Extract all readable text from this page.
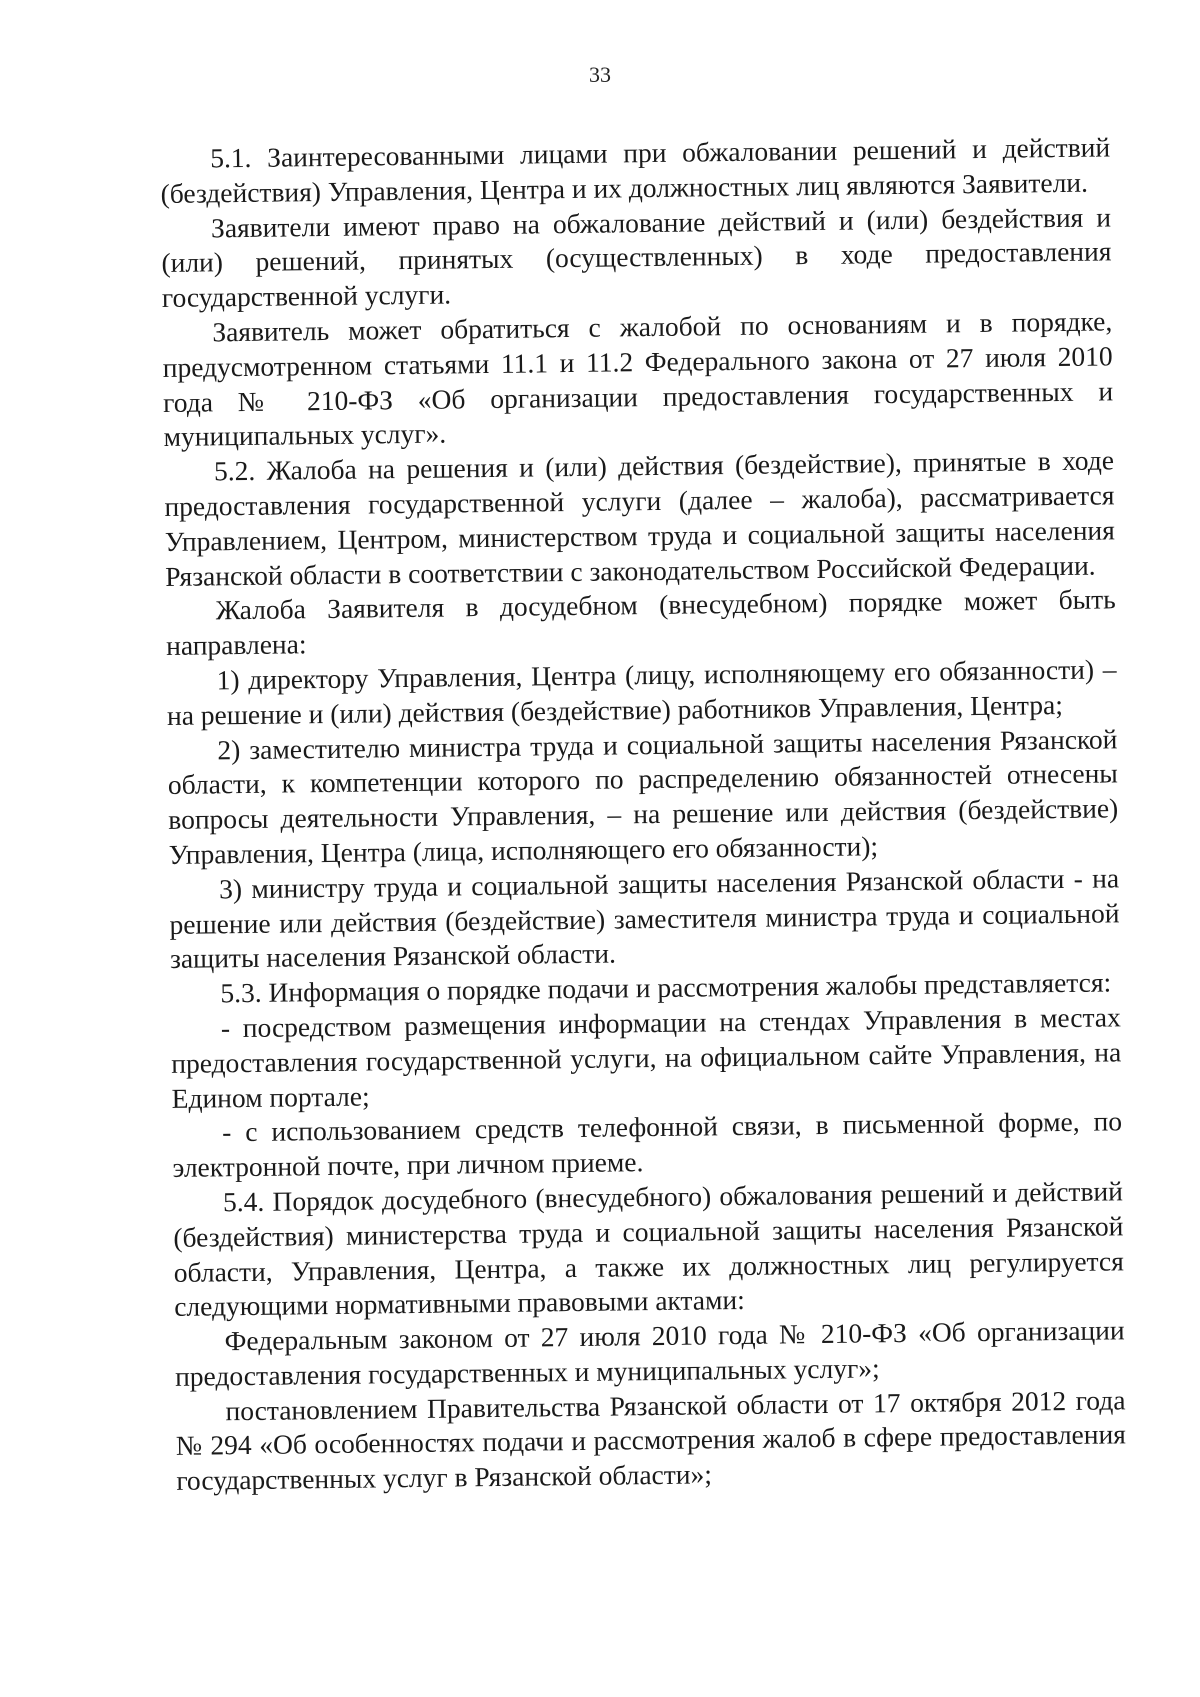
33

5.1. Заинтересованными лицами при обжаловании решений и действий (бездействия) Управления, Центра и их должностных лиц являются Заявители.

Заявители имеют право на обжалование действий и (или) бездействия и (или) решений, принятых (осуществленных) в ходе предоставления государственной услуги.

Заявитель может обратиться с жалобой по основаниям и в порядке, предусмотренном статьями 11.1 и 11.2 Федерального закона от 27 июля 2010 года № 210-ФЗ «Об организации предоставления государственных и муниципальных услуг».

5.2. Жалоба на решения и (или) действия (бездействие), принятые в ходе предоставления государственной услуги (далее – жалоба), рассматривается Управлением, Центром, министерством труда и социальной защиты населения Рязанской области в соответствии с законодательством Российской Федерации.

Жалоба Заявителя в досудебном (внесудебном) порядке может быть направлена:

1) директору Управления, Центра (лицу, исполняющему его обязанности) – на решение и (или) действия (бездействие) работников Управления, Центра;

2) заместителю министра труда и социальной защиты населения Рязанской области, к компетенции которого по распределению обязанностей отнесены вопросы деятельности Управления, – на решение или действия (бездействие) Управления, Центра (лица, исполняющего его обязанности);

3) министру труда и социальной защиты населения Рязанской области - на решение или действия (бездействие) заместителя министра труда и социальной защиты населения Рязанской области.

5.3. Информация о порядке подачи и рассмотрения жалобы представляется:

- посредством размещения информации на стендах Управления в местах предоставления государственной услуги, на официальном сайте Управления, на Едином портале;

- с использованием средств телефонной связи, в письменной форме, по электронной почте, при личном приеме.

5.4. Порядок досудебного (внесудебного) обжалования решений и действий (бездействия) министерства труда и социальной защиты населения Рязанской области, Управления, Центра, а также их должностных лиц регулируется следующими нормативными правовыми актами:

Федеральным законом от 27 июля 2010 года № 210-ФЗ «Об организации предоставления государственных и муниципальных услуг»;

постановлением Правительства Рязанской области от 17 октября 2012 года № 294 «Об особенностях подачи и рассмотрения жалоб в сфере предоставления государственных услуг в Рязанской области»;
